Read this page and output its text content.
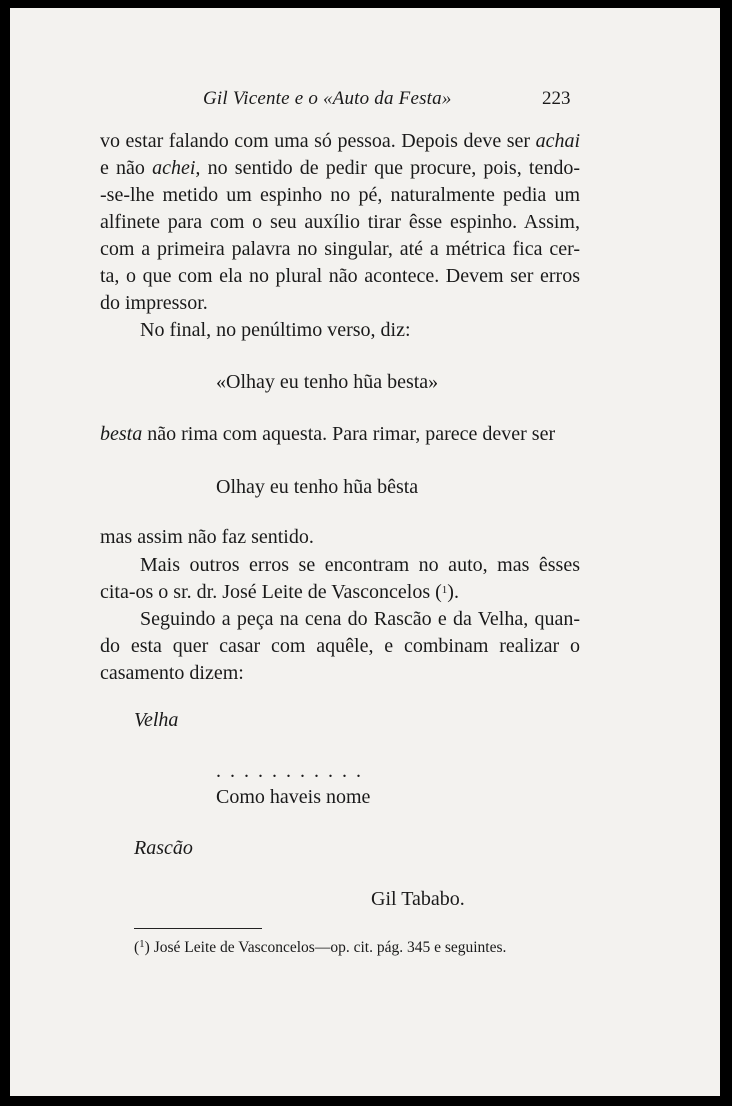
Gil Vicente e o «Auto da Festa»	223
vo estar falando com uma só pessoa. Depois deve ser achai
e não achei, no sentido de pedir que procure, pois, tendo-
-se-lhe metido um espinho no pé, naturalmente pedia um
alfinete para com o seu auxílio tirar êsse espinho. Assim,
com a primeira palavra no singular, até a métrica fica cer-
ta, o que com ela no plural não acontece. Devem ser erros
do impressor.
No final, no penúltimo verso, diz:
«Olhay eu tenho hũa besta»
besta não rima com aquesta. Para rimar, parece dever ser
Olhay eu tenho hũa bêsta
mas assim não faz sentido.
Mais outros erros se encontram no auto, mas êsses
cita-os o sr. dr. José Leite de Vasconcelos ($^1$).
Seguindo a peça na cena do Rascão e da Velha, quan-
do esta quer casar com aquêle, e combinam realizar o
casamento dizem:
Velha
. . . . . . . . . . .
Como haveis nome
Rascão
Gil Tababo.
($^1$) José Leite de Vasconcelos—op. cit. pág. 345 e seguintes.
